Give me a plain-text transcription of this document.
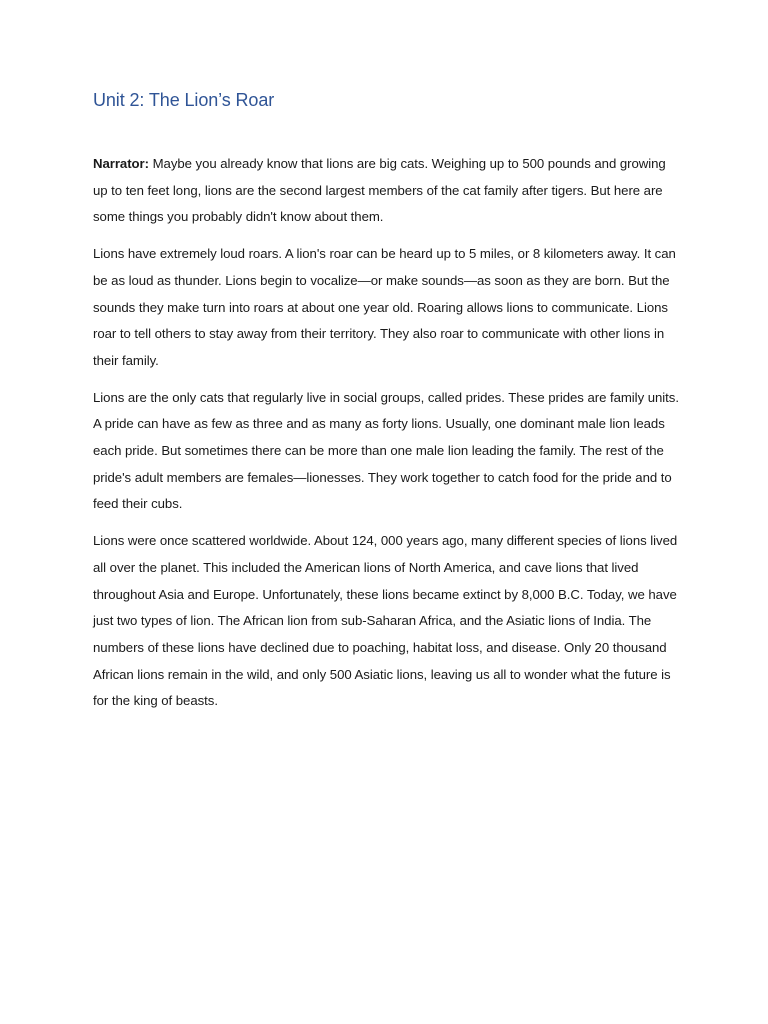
Unit 2: The Lion’s Roar

Narrator: Maybe you already know that lions are big cats. Weighing up to 500 pounds and growing up to ten feet long, lions are the second largest members of the cat family after tigers. But here are some things you probably didn't know about them.

Lions have extremely loud roars. A lion's roar can be heard up to 5 miles, or 8 kilometers away. It can be as loud as thunder. Lions begin to vocalize—or make sounds—as soon as they are born. But the sounds they make turn into roars at about one year old. Roaring allows lions to communicate. Lions roar to tell others to stay away from their territory. They also roar to communicate with other lions in their family.

Lions are the only cats that regularly live in social groups, called prides. These prides are family units. A pride can have as few as three and as many as forty lions. Usually, one dominant male lion leads each pride. But sometimes there can be more than one male lion leading the family. The rest of the pride's adult members are females—lionesses. They work together to catch food for the pride and to feed their cubs.

Lions were once scattered worldwide. About 124, 000 years ago, many different species of lions lived all over the planet. This included the American lions of North America, and cave lions that lived throughout Asia and Europe. Unfortunately, these lions became extinct by 8,000 B.C. Today, we have just two types of lion. The African lion from sub-Saharan Africa, and the Asiatic lions of India. The numbers of these lions have declined due to poaching, habitat loss, and disease. Only 20 thousand African lions remain in the wild, and only 500 Asiatic lions, leaving us all to wonder what the future is for the king of beasts.
